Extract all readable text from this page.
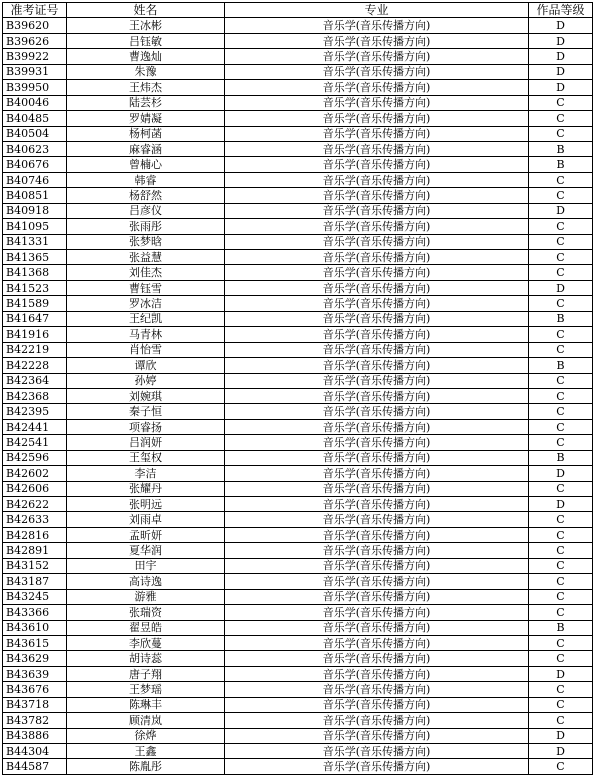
准考证号	姓名	专业	作品等级
B39620	王冰彬	音乐学(音乐传播方向)	D
B39626	吕钰敏	音乐学(音乐传播方向)	D
B39922	曹逸灿	音乐学(音乐传播方向)	D
B39931	朱豫	音乐学(音乐传播方向)	D
B39950	王炜杰	音乐学(音乐传播方向)	D
B40046	陆芸杉	音乐学(音乐传播方向)	C
B40485	罗婧凝	音乐学(音乐传播方向)	C
B40504	杨柯菡	音乐学(音乐传播方向)	C
B40623	麻睿涵	音乐学(音乐传播方向)	B
B40676	曾楠心	音乐学(音乐传播方向)	B
B40746	韩睿	音乐学(音乐传播方向)	C
B40851	杨舒然	音乐学(音乐传播方向)	C
B40918	吕彦仪	音乐学(音乐传播方向)	D
B41095	张雨彤	音乐学(音乐传播方向)	C
B41331	张梦晗	音乐学(音乐传播方向)	C
B41365	张益慧	音乐学(音乐传播方向)	C
B41368	刘佳杰	音乐学(音乐传播方向)	C
B41523	曹钰雪	音乐学(音乐传播方向)	D
B41589	罗冰洁	音乐学(音乐传播方向)	C
B41647	王纪凯	音乐学(音乐传播方向)	B
B41916	马青林	音乐学(音乐传播方向)	C
B42219	肖怡雪	音乐学(音乐传播方向)	C
B42228	谭欣	音乐学(音乐传播方向)	B
B42364	孙婷	音乐学(音乐传播方向)	C
B42368	刘婉琪	音乐学(音乐传播方向)	C
B42395	秦子恒	音乐学(音乐传播方向)	C
B42441	项睿扬	音乐学(音乐传播方向)	C
B42541	吕润妍	音乐学(音乐传播方向)	C
B42596	王玺权	音乐学(音乐传播方向)	B
B42602	李洁	音乐学(音乐传播方向)	D
B42606	张耀丹	音乐学(音乐传播方向)	C
B42622	张明远	音乐学(音乐传播方向)	D
B42633	刘雨卓	音乐学(音乐传播方向)	C
B42816	孟昕妍	音乐学(音乐传播方向)	C
B42891	夏华润	音乐学(音乐传播方向)	C
B43152	田宇	音乐学(音乐传播方向)	C
B43187	高诗逸	音乐学(音乐传播方向)	C
B43245	游雅	音乐学(音乐传播方向)	C
B43366	张瑞资	音乐学(音乐传播方向)	C
B43610	翟昱皓	音乐学(音乐传播方向)	B
B43615	李欣蔓	音乐学(音乐传播方向)	C
B43629	胡诗蕊	音乐学(音乐传播方向)	C
B43639	唐子翔	音乐学(音乐传播方向)	D
B43676	王梦瑶	音乐学(音乐传播方向)	C
B43718	陈琳丰	音乐学(音乐传播方向)	C
B43782	顾清岚	音乐学(音乐传播方向)	C
B43886	徐烨	音乐学(音乐传播方向)	D
B44304	王鑫	音乐学(音乐传播方向)	D
B44587	陈胤彤	音乐学(音乐传播方向)	C
